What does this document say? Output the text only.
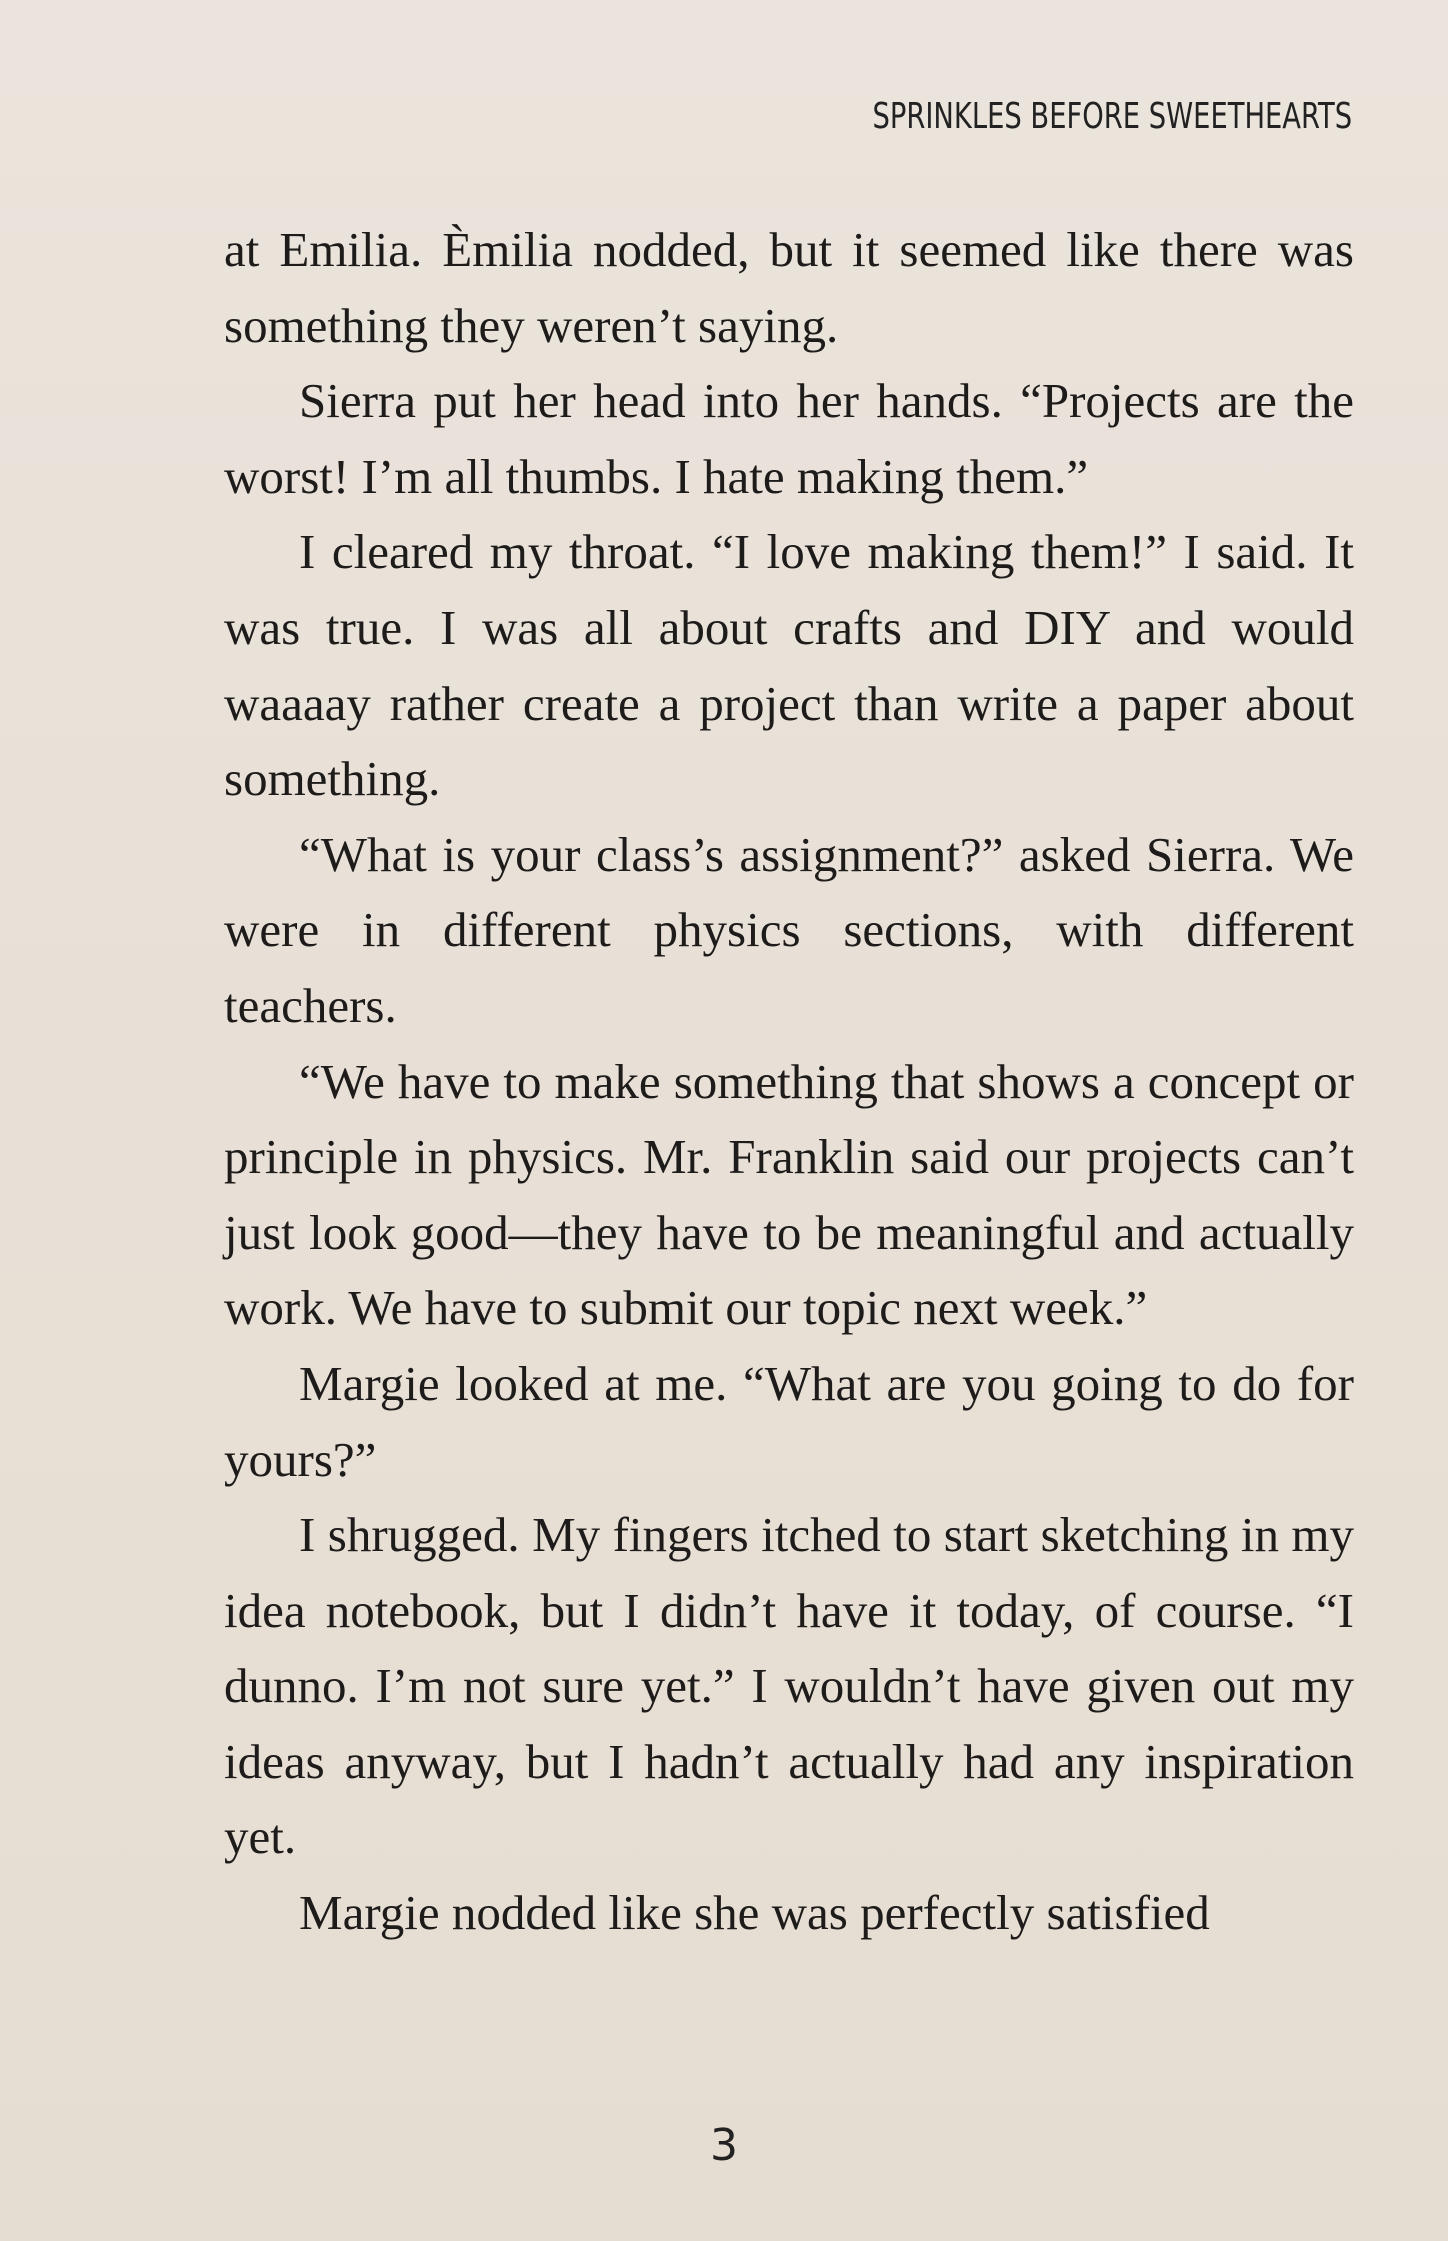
SPRINKLES BEFORE SWEETHEARTS

at Emilia. Èmilia nodded, but it seemed like there was something they weren’t saying.

Sierra put her head into her hands. “Projects are the worst! I’m all thumbs. I hate making them.”

I cleared my throat. “I love making them!” I said. It was true. I was all about crafts and DIY and would waaaay rather create a project than write a paper about something.

“What is your class’s assignment?” asked Sierra. We were in different physics sections, with different teachers.

“We have to make something that shows a concept or principle in physics. Mr. Franklin said our projects can’t just look good—they have to be meaningful and actually work. We have to submit our topic next week.”

Margie looked at me. “What are you going to do for yours?”

I shrugged. My fingers itched to start sketching in my idea notebook, but I didn’t have it today, of course. “I dunno. I’m not sure yet.” I wouldn’t have given out my ideas anyway, but I hadn’t actually had any inspiration yet.

Margie nodded like she was perfectly satisfied

3
